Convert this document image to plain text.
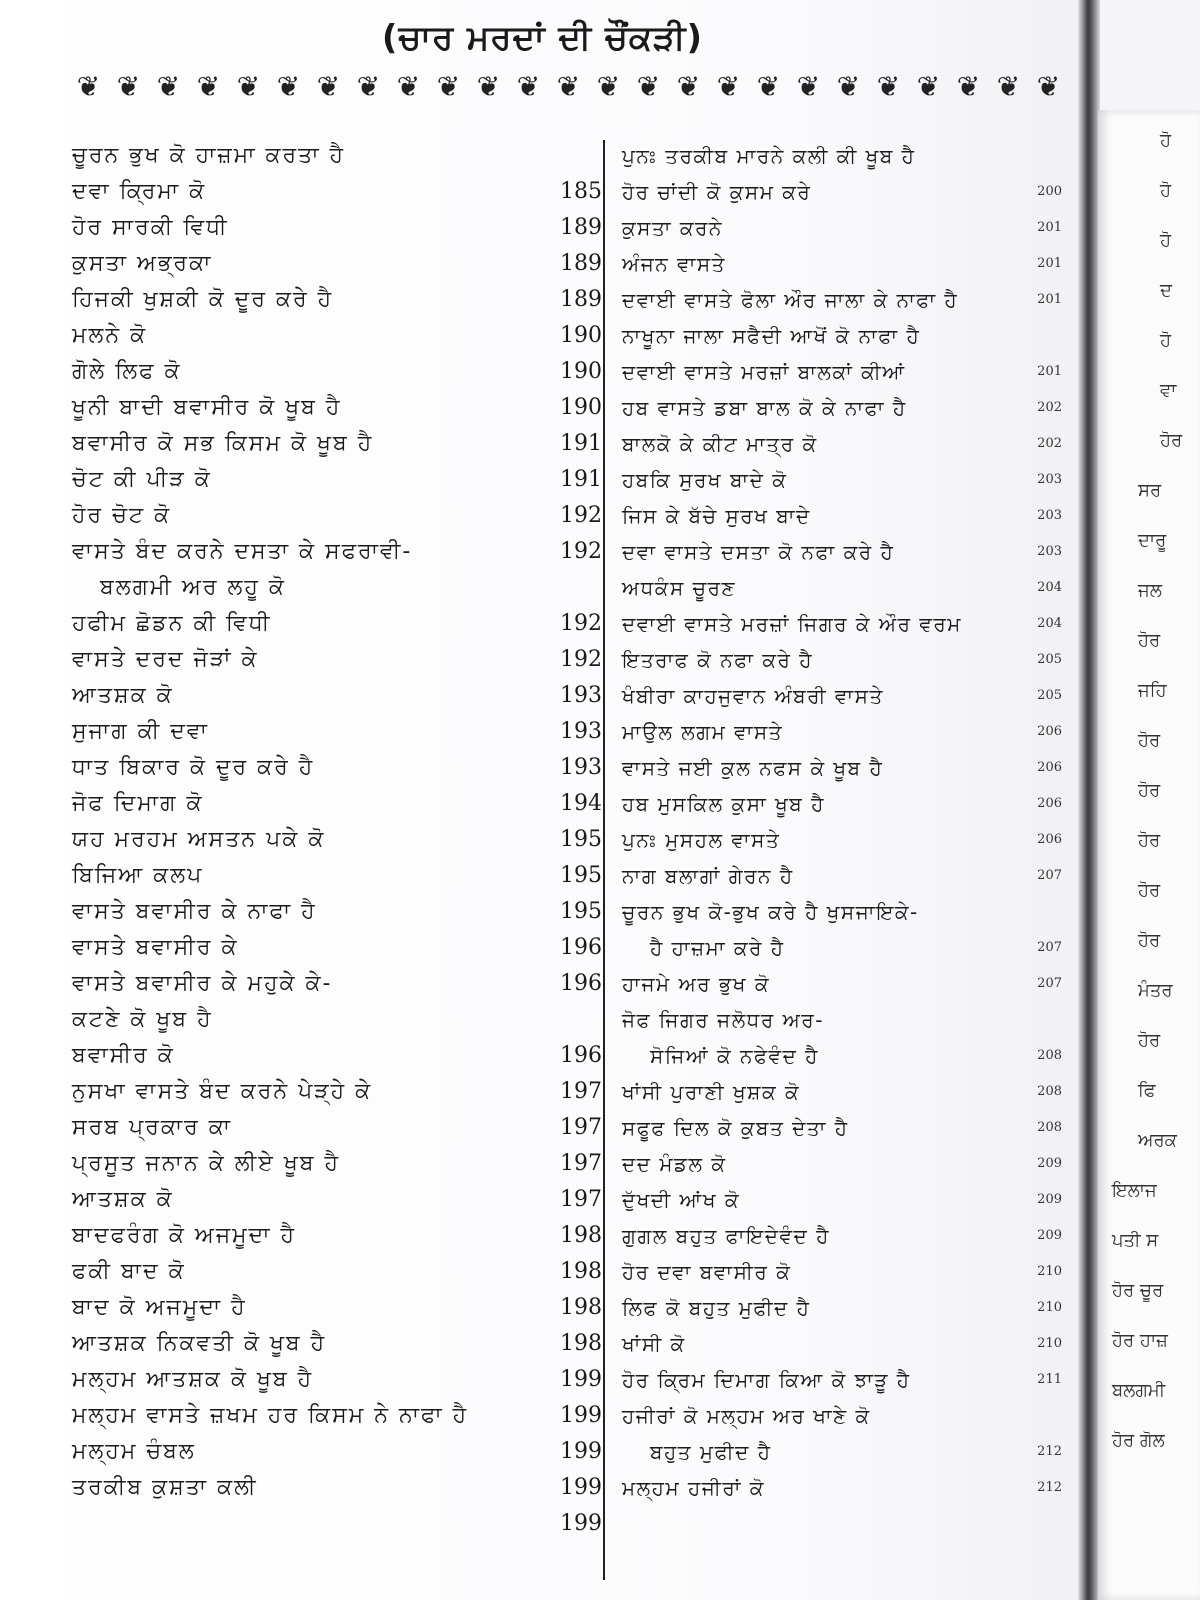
(ਚਾਰ ਮਰਦਾਂ ਦੀ ਚੌਂਕੜੀ)
❦ ❦ ❦ ❦ ❦ ❦ ❦ ❦ ❦ ❦ ❦ ❦ ❦ ❦ ❦ ❦ ❦ ❦ ❦ ❦ ❦ ❦ ❦ ❦ ❦
ਚੂਰਨ ਭੁਖ ਕੋ ਹਾਜ਼ਮਾ ਕਰਤਾ ਹੈ
ਦਵਾ ਕ੍ਰਿਮਾ ਕੋ	185
ਹੋਰ ਸਾਰਕੀ ਵਿਧੀ	189
ਕੁਸਤਾ ਅਭ੍ਰਕਾ	189
ਹਿਜਕੀ ਖੁਸ਼ਕੀ ਕੋ ਦੂਰ ਕਰੇ ਹੈ	189
ਮਲਨੇ ਕੋ	190
ਗੋਲੇ ਲਿਫ ਕੋ	190
ਖੂਨੀ ਬਾਦੀ ਬਵਾਸੀਰ ਕੋ ਖੂਬ ਹੈ	190
ਬਵਾਸੀਰ ਕੋ ਸਭ ਕਿਸਮ ਕੋ ਖੂਬ ਹੈ	191
ਚੋਟ ਕੀ ਪੀੜ ਕੋ	191
ਹੋਰ ਚੋਟ ਕੋ	192
ਵਾਸਤੇ ਬੰਦ ਕਰਨੇ ਦਸਤਾ ਕੇ ਸਫਰਾਵੀ-	192
ਬਲਗਮੀ ਅਰ ਲਹੂ ਕੋ
ਹਫੀਮ ਛੋਡਨ ਕੀ ਵਿਧੀ	192
ਵਾਸਤੇ ਦਰਦ ਜੋੜਾਂ ਕੇ	192
ਆਤਸ਼ਕ ਕੋ	193
ਸੁਜਾਗ ਕੀ ਦਵਾ	193
ਧਾਤ ਬਿਕਾਰ ਕੋ ਦੂਰ ਕਰੇ ਹੈ	193
ਜੋਫ ਦਿਮਾਗ ਕੋ	194
ਯਹ ਮਰਹਮ ਅਸਤਨ ਪਕੇ ਕੋ	195
ਬਿਜਿਆ ਕਲਪ	195
ਵਾਸਤੇ ਬਵਾਸੀਰ ਕੇ ਨਾਫਾ ਹੈ	195
ਵਾਸਤੇ ਬਵਾਸੀਰ ਕੇ	196
ਵਾਸਤੇ ਬਵਾਸੀਰ ਕੇ ਮਹੁਕੇ ਕੇ-	196
ਕਟਣੇ ਕੋ ਖੂਬ ਹੈ
ਬਵਾਸੀਰ ਕੋ	196
ਨੁਸਖਾ ਵਾਸਤੇ ਬੰਦ ਕਰਨੇ ਪੇੜ੍ਹੇ ਕੇ	197
ਸਰਬ ਪ੍ਰਕਾਰ ਕਾ	197
ਪ੍ਰਸੂਤ ਜਨਾਨ ਕੇ ਲੀਏ ਖੂਬ ਹੈ	197
ਆਤਸ਼ਕ ਕੋ	197
ਬਾਦਫਰੰਗ ਕੋ ਅਜਮੂਦਾ ਹੈ	198
ਫਕੀ ਬਾਦ ਕੋ	198
ਬਾਦ ਕੋ ਅਜਮੂਦਾ ਹੈ	198
ਆਤਸ਼ਕ ਨਿਕਵਤੀ ਕੋ ਖੂਬ ਹੈ	198
ਮਲ੍ਹਮ ਆਤਸ਼ਕ ਕੋ ਖੂਬ ਹੈ	199
ਮਲ੍ਹਮ ਵਾਸਤੇ ਜ਼ਖਮ ਹਰ ਕਿਸਮ ਨੇ ਨਾਫਾ ਹੈ	199
ਮਲ੍ਹਮ ਚੰਬਲ	199
ਤਰਕੀਬ ਕੁਸ਼ਤਾ ਕਲੀ	199
199
ਪੁਨਃ ਤਰਕੀਬ ਮਾਰਨੇ ਕਲੀ ਕੀ ਖੂਬ ਹੈ
ਹੋਰ ਚਾਂਦੀ ਕੋ ਕੁਸਮ ਕਰੇ	200
ਕੁਸਤਾ ਕਰਨੇ	201
ਅੰਜਨ ਵਾਸਤੇ	201
ਦਵਾਈ ਵਾਸਤੇ ਫੋਲਾ ਔਰ ਜਾਲਾ ਕੇ ਨਾਫਾ ਹੈ	201
ਨਾਖੂਨਾ ਜਾਲਾ ਸਫੈਦੀ ਆਖੋਂ ਕੋ ਨਾਫਾ ਹੈ
ਦਵਾਈ ਵਾਸਤੇ ਮਰਜ਼ਾਂ ਬਾਲਕਾਂ ਕੀਆਂ	201
ਹਬ ਵਾਸਤੇ ਡਬਾ ਬਾਲ ਕੋ ਕੇ ਨਾਫਾ ਹੈ	202
ਬਾਲਕੋ ਕੇ ਕੀਟ ਮਾਤ੍ਰ ਕੋ	202
ਹਬਕਿ ਸੁਰਖ ਬਾਦੇ ਕੋ	203
ਜਿਸ ਕੇ ਬੱਚੇ ਸੁਰਖ ਬਾਦੇ	203
ਦਵਾ ਵਾਸਤੇ ਦਸਤਾ ਕੋ ਨਫਾ ਕਰੇ ਹੈ	203
ਅਧਕੰਸ ਚੂਰਣ	204
ਦਵਾਈ ਵਾਸਤੇ ਮਰਜ਼ਾਂ ਜਿਗਰ ਕੇ ਔਰ ਵਰਮ	204
ਇਤਰਾਫ ਕੋ ਨਫਾ ਕਰੇ ਹੈ	205
ਖੰਬੀਰਾ ਕਾਹਜੁਵਾਨ ਅੰਬਰੀ ਵਾਸਤੇ	205
ਮਾਉਲ ਲਗਮ ਵਾਸਤੇ	206
ਵਾਸਤੇ ਜਈ ਕੁਲ ਨਫਸ ਕੇ ਖੂਬ ਹੈ	206
ਹਬ ਮੁਸਕਿਲ ਕੁਸਾ ਖੂਬ ਹੈ	206
ਪੁਨਃ ਮੁਸਹਲ ਵਾਸਤੇ	206
ਨਾਗ ਬਲਾਗਾਂ ਗੇਰਨ ਹੈ	207
ਚੂਰਨ ਭੁਖ ਕੋ-ਭੁਖ ਕਰੇ ਹੈ ਖੁਸਜਾਇਕੇ-
ਹੈ ਹਾਜ਼ਮਾ ਕਰੇ ਹੈ	207
ਹਾਜਮੇ ਅਰ ਭੁਖ ਕੋ	207
ਜੋਫ ਜਿਗਰ ਜਲੋਧਰ ਅਰ-
ਸੋਜਿਆਂ ਕੋ ਨਫੇਵੰਦ ਹੈ	208
ਖਾਂਸੀ ਪੁਰਾਣੀ ਖੁਸ਼ਕ ਕੋ	208
ਸਫੂਫ ਦਿਲ ਕੋ ਕੁਬਤ ਦੇਤਾ ਹੈ	208
ਦਦ ਮੰਡਲ ਕੋ	209
ਦੁੱਖਦੀ ਆਂਖ ਕੋ	209
ਗੁਗਲ ਬਹੁਤ ਫਾਇਦੇਵੰਦ ਹੈ	209
ਹੋਰ ਦਵਾ ਬਵਾਸੀਰ ਕੋ	210
ਲਿਫ ਕੋ ਬਹੁਤ ਮੁਫੀਦ ਹੈ	210
ਖਾਂਸੀ ਕੋ	210
ਹੋਰ ਕ੍ਰਿਮ ਦਿਮਾਗ ਕਿਆ ਕੋ ਝਾੜੂ ਹੈ	211
ਹਜੀਰਾਂ ਕੋ ਮਲ੍ਹਮ ਅਰ ਖਾਣੇ ਕੋ
ਬਹੁਤ ਮੁਫੀਦ ਹੈ	212
ਮਲ੍ਹਮ ਹਜੀਰਾਂ ਕੋ	212
ਹੋ
ਹੋ
ਹੋ
ਦ
ਹੋ
ਵਾ
ਹੋਰ
ਸਰ
ਦਾਰੂ
ਜਲ
ਹੋਰ
ਜਹਿ
ਹੋਰ
ਹੋਰ
ਹੋਰ
ਹੋਰ
ਹੋਰ
ਮੰਤਰ
ਹੋਰ
ਫਿ
ਅਰਕ
ਇਲਾਜ
ਪਤੀ ਸ
ਹੋਰ ਚੂਰ
ਹੋਰ ਹਾਜ਼
ਬਲਗਮੀ
ਹੋਰ ਗੋਲ
